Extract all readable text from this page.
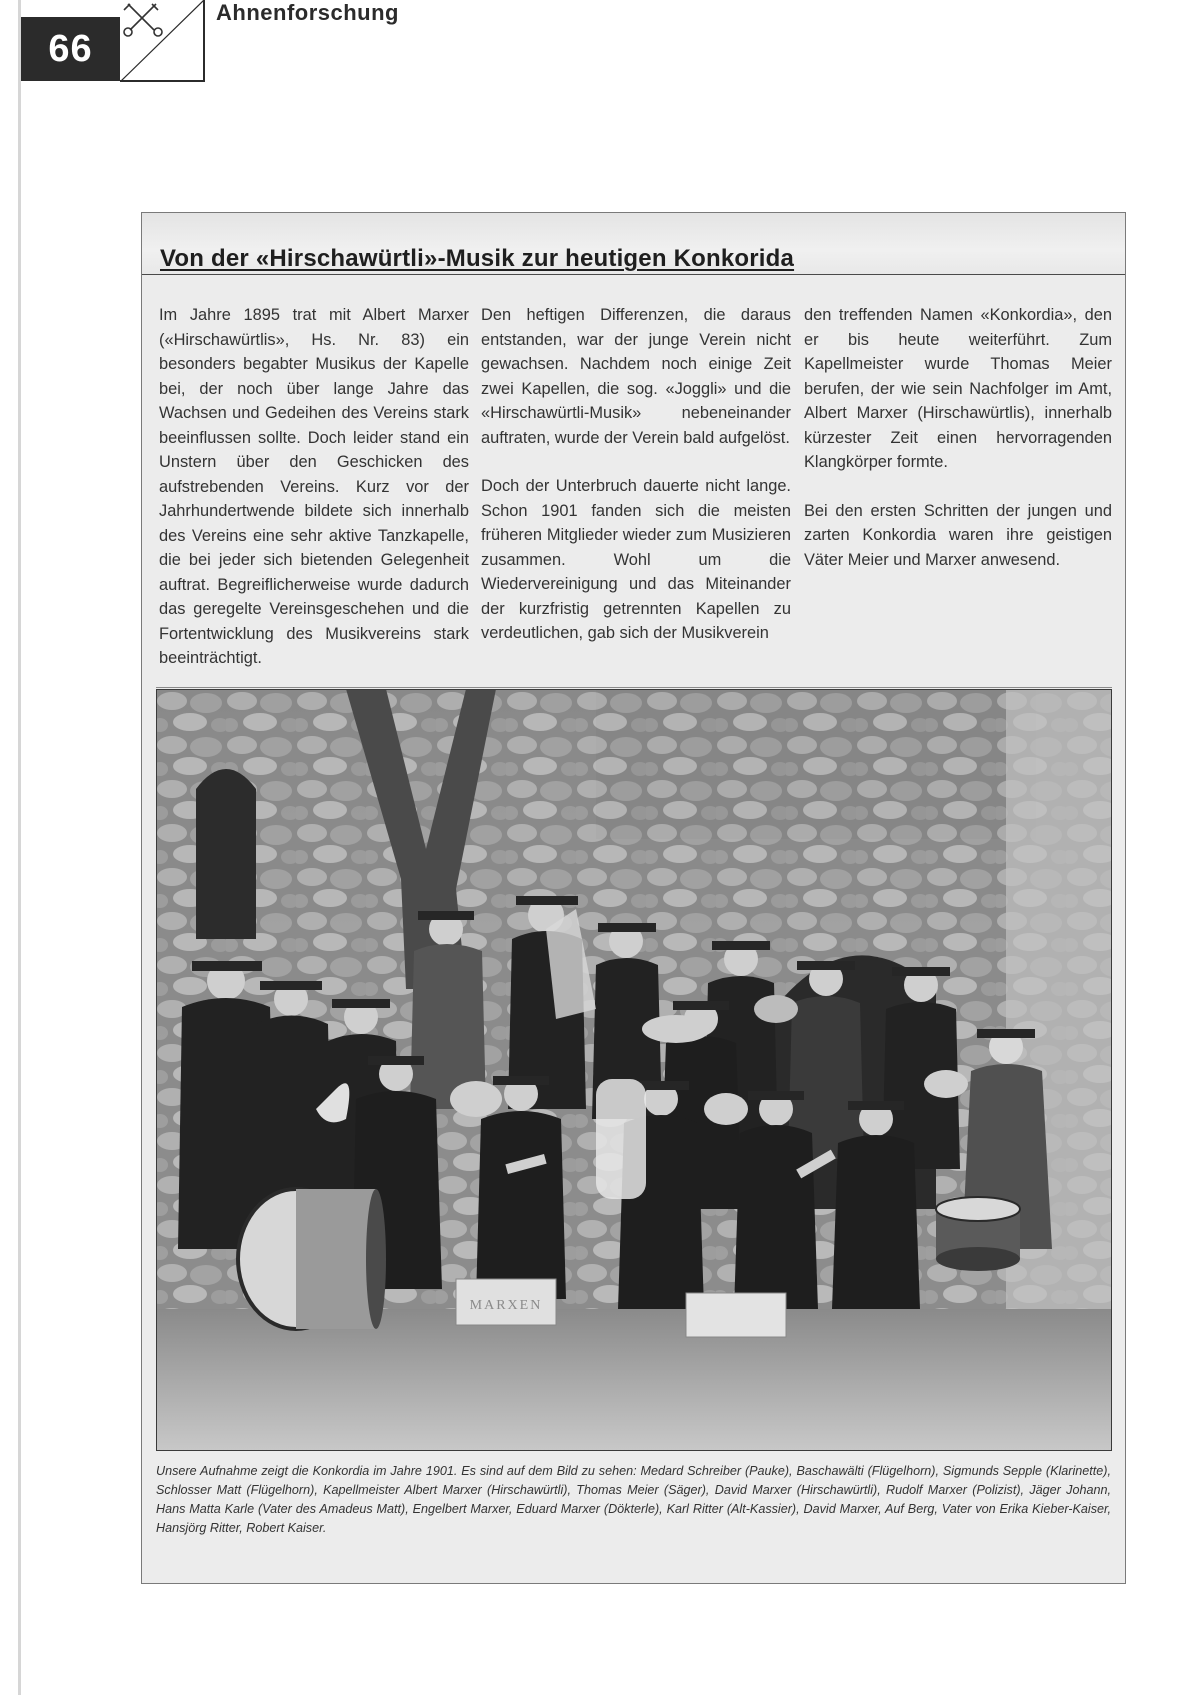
66
Ahnenforschung
Von der «Hirschawürtli»-Musik zur heutigen Konkorida

Im Jahre 1895 trat mit Albert Marxer («Hirschawürtlis», Hs. Nr. 83) ein besonders begabter Musikus der Kapelle bei, der noch über lange Jahre das Wachsen und Gedeihen des Vereins stark beeinflussen sollte. Doch leider stand ein Unstern über den Geschicken des aufstrebenden Vereins. Kurz vor der Jahrhundertwende bildete sich innerhalb des Vereins eine sehr aktive Tanzkapelle, die bei jeder sich bietenden Gelegenheit auftrat. Begreiflicherweise wurde dadurch das geregelte Vereinsgeschehen und die Fortentwicklung des Musikvereins stark beeinträchtigt.

Den heftigen Differenzen, die daraus entstanden, war der junge Verein nicht gewachsen. Nachdem noch einige Zeit zwei Kapellen, die sog. «Joggli» und die «Hirschawürtli-Musik» nebeneinander auftraten, wurde der Verein bald aufgelöst.

Doch der Unterbruch dauerte nicht lange. Schon 1901 fanden sich die meisten früheren Mitglieder wieder zum Musizieren zusammen. Wohl um die Wiedervereinigung und das Miteinander der kurzfristig getrennten Kapellen zu verdeutlichen, gab sich der Musikverein

den treffenden Namen «Konkordia», den er bis heute weiterführt. Zum Kapellmeister wurde Thomas Meier berufen, der wie sein Nachfolger im Amt, Albert Marxer (Hirschawürtlis), innerhalb kürzester Zeit einen hervorragenden Klangkörper formte.

Bei den ersten Schritten der jungen und zarten Konkordia waren ihre geistigen Väter Meier und Marxer anwesend.

MARXEN

Unsere Aufnahme zeigt die Konkordia im Jahre 1901. Es sind auf dem Bild zu sehen: Medard Schreiber (Pauke), Baschawälti (Flügelhorn), Sigmunds Sepple (Klarinette), Schlosser Matt (Flügelhorn), Kapellmeister Albert Marxer (Hirschawürtli), Thomas Meier (Säger), David Marxer (Hirschawürtli), Rudolf Marxer (Polizist), Jäger Johann, Hans Matta Karle (Vater des Amadeus Matt), Engelbert Marxer, Eduard Marxer (Dökterle), Karl Ritter (Alt-Kassier), David Marxer, Auf Berg, Vater von Erika Kieber-Kaiser, Hansjörg Ritter, Robert Kaiser.
